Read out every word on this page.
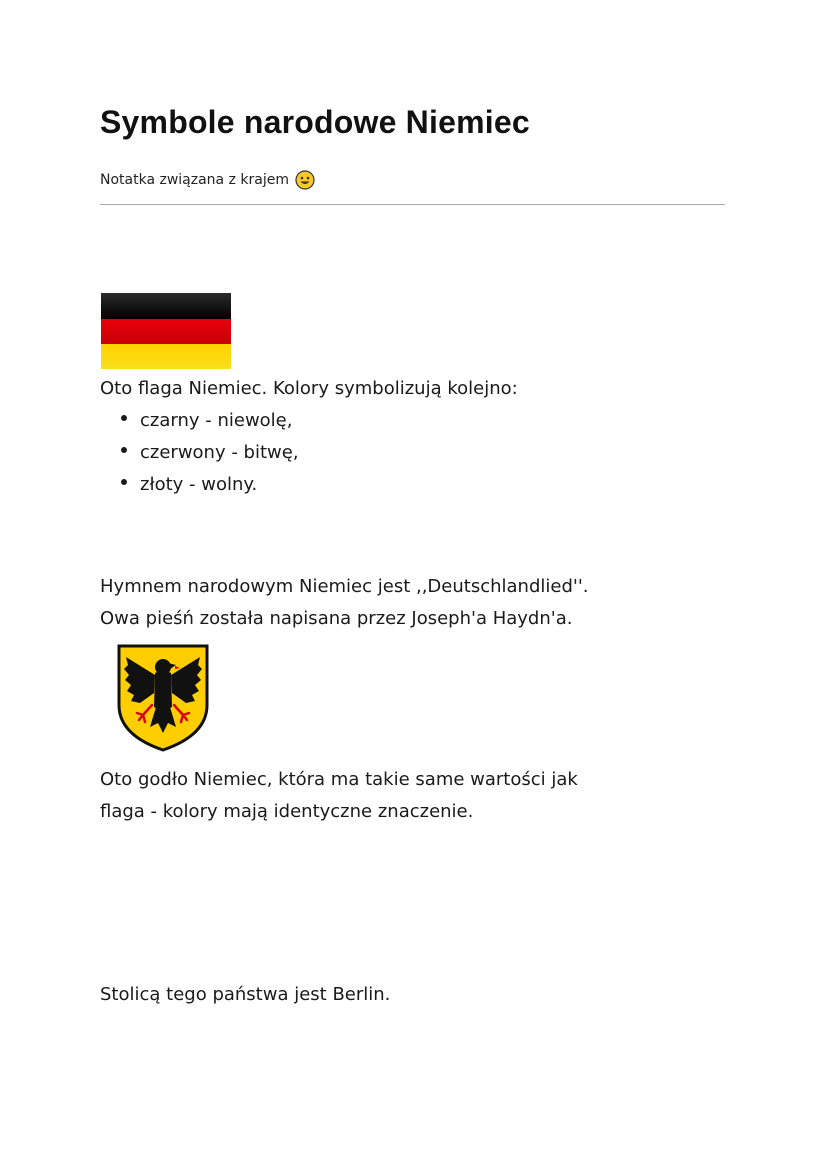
Symbole narodowe Niemiec
Notatka związana z krajem

Oto flaga Niemiec. Kolory symbolizują kolejno:

czarny - niewolę,
czerwony - bitwę,
złoty - wolny.

Hymnem narodowym Niemiec jest ,,Deutschlandlied''.

Owa pieśń została napisana przez Joseph'a Haydn'a.

Oto godło Niemiec, która ma takie same wartości jak

flaga - kolory mają identyczne znaczenie.

Stolicą tego państwa jest Berlin.
